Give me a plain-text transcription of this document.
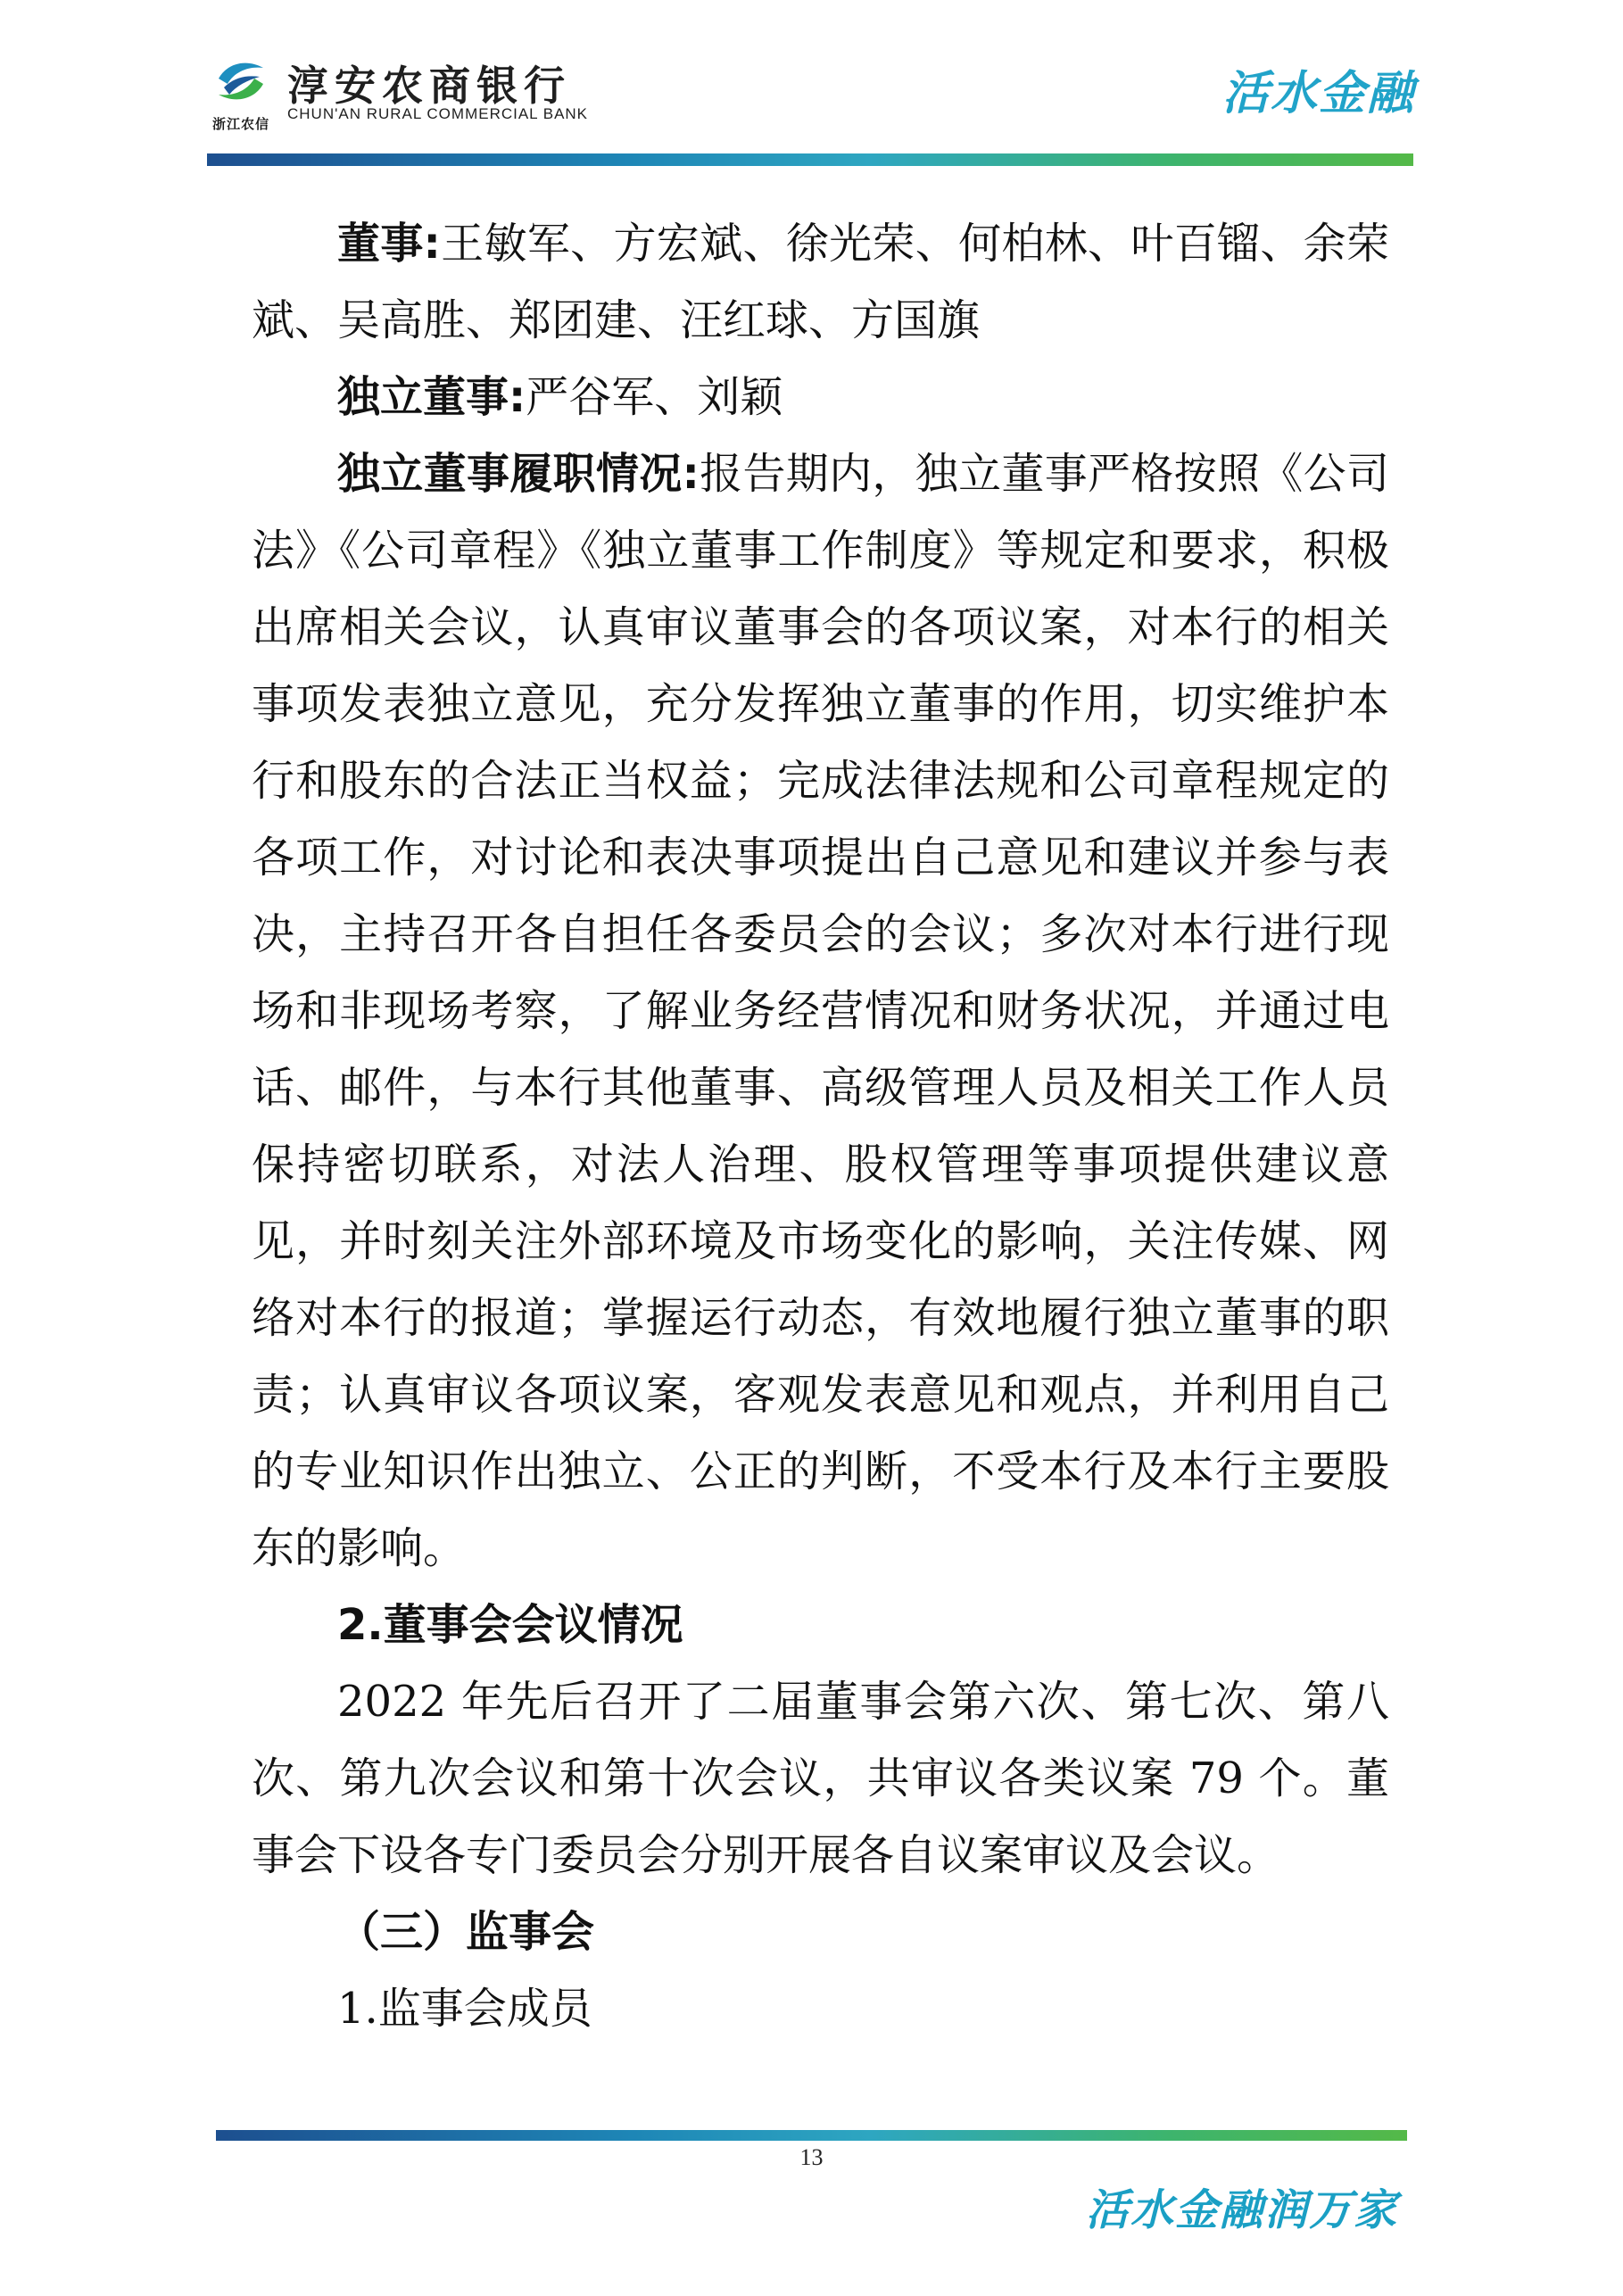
浙江农信
淳安农商银行
CHUN'AN RURAL COMMERCIAL BANK	活水金融

董事:王敏军、方宏斌、徐光荣、何柏林、叶百镏、余荣斌、吴高胜、郑团建、汪红球、方国旗

独立董事:严谷军、刘颖

独立董事履职情况:报告期内，独立董事严格按照《公司法》《公司章程》《独立董事工作制度》等规定和要求，积极出席相关会议，认真审议董事会的各项议案，对本行的相关事项发表独立意见，充分发挥独立董事的作用，切实维护本行和股东的合法正当权益；完成法律法规和公司章程规定的各项工作，对讨论和表决事项提出自己意见和建议并参与表决，主持召开各自担任各委员会的会议；多次对本行进行现场和非现场考察，了解业务经营情况和财务状况，并通过电话、邮件，与本行其他董事、高级管理人员及相关工作人员保持密切联系，对法人治理、股权管理等事项提供建议意见，并时刻关注外部环境及市场变化的影响，关注传媒、网络对本行的报道；掌握运行动态，有效地履行独立董事的职责；认真审议各项议案，客观发表意见和观点，并利用自己的专业知识作出独立、公正的判断，不受本行及本行主要股东的影响。

2.董事会会议情况

2022 年先后召开了二届董事会第六次、第七次、第八次、第九次会议和第十次会议，共审议各类议案 79 个。董事会下设各专门委员会分别开展各自议案审议及会议。

（三）监事会

1.监事会成员

13
活水金融润万家
